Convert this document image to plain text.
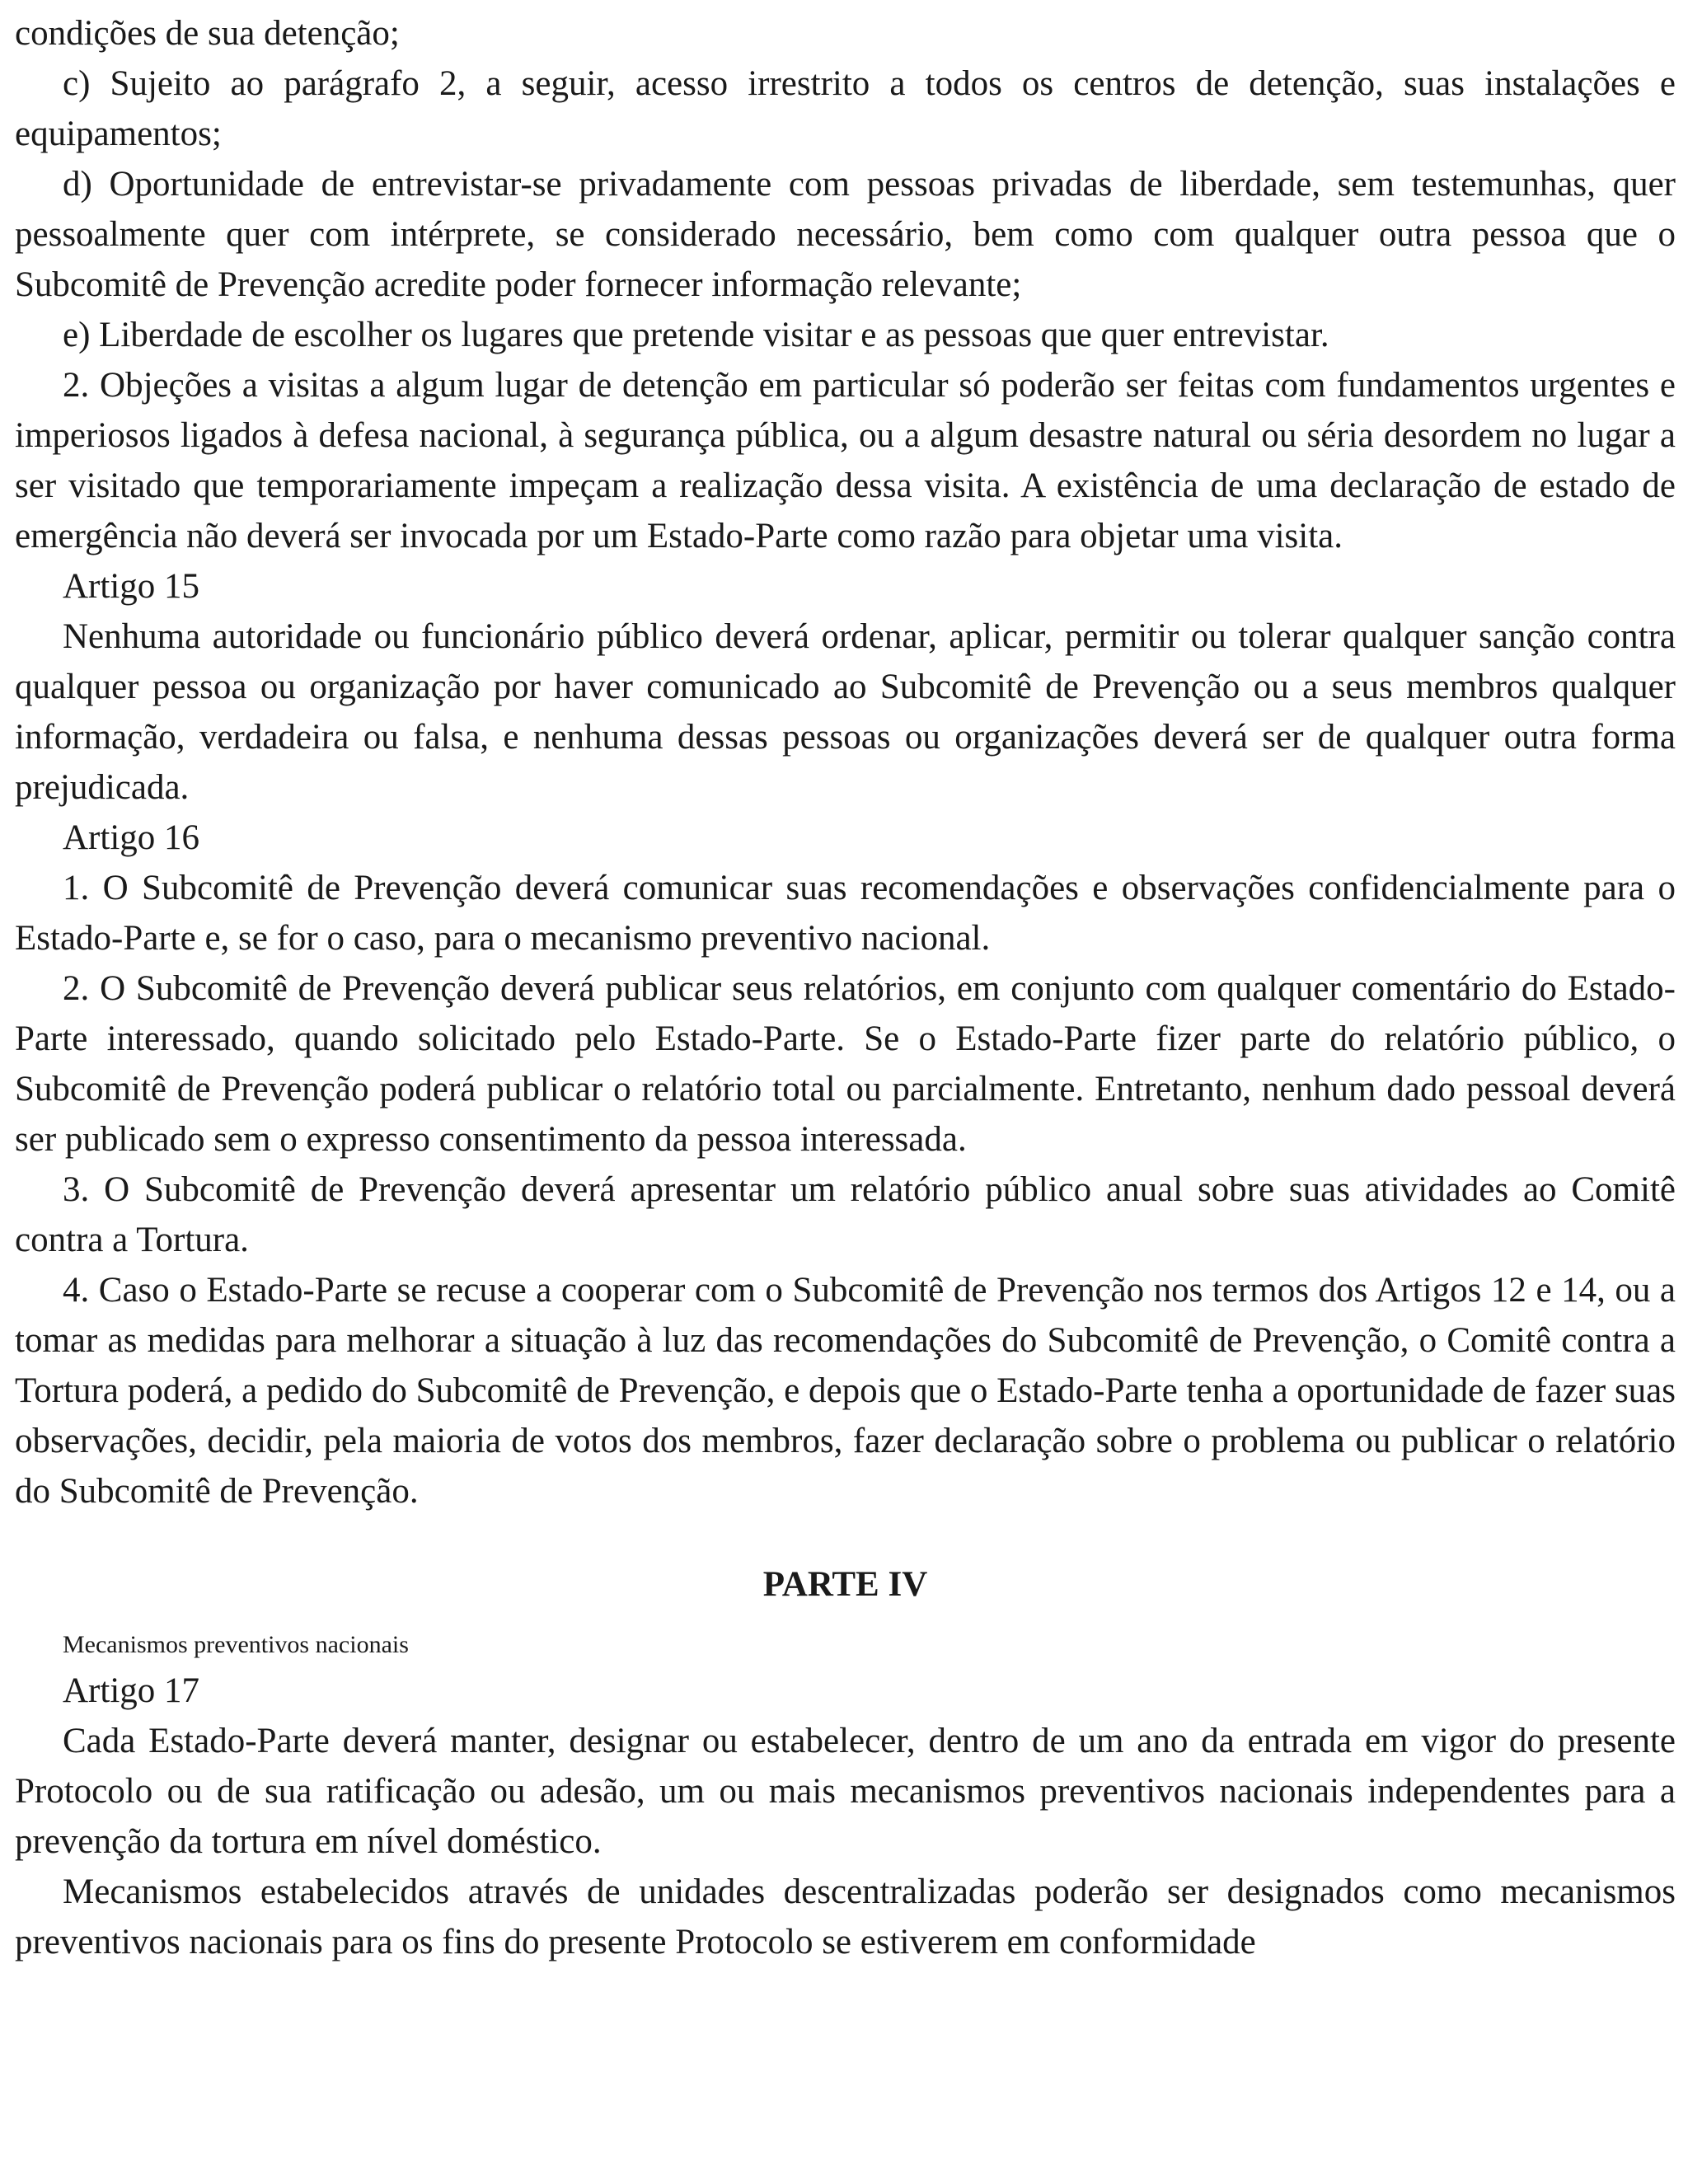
condições de sua detenção;

c) Sujeito ao parágrafo 2, a seguir, acesso irrestrito a todos os centros de detenção, suas instalações e equipamentos;

d) Oportunidade de entrevistar-se privadamente com pessoas privadas de liberdade, sem testemunhas, quer pessoalmente quer com intérprete, se considerado necessário, bem como com qualquer outra pessoa que o Subcomitê de Prevenção acredite poder fornecer informação relevante;

e) Liberdade de escolher os lugares que pretende visitar e as pessoas que quer entrevistar.

2. Objeções a visitas a algum lugar de detenção em particular só poderão ser feitas com fundamentos urgentes e imperiosos ligados à defesa nacional, à segurança pública, ou a algum desastre natural ou séria desordem no lugar a ser visitado que temporariamente impeçam a realização dessa visita. A existência de uma declaração de estado de emergência não deverá ser invocada por um Estado-Parte como razão para objetar uma visita.

Artigo 15

Nenhuma autoridade ou funcionário público deverá ordenar, aplicar, permitir ou tolerar qualquer sanção contra qualquer pessoa ou organização por haver comunicado ao Subcomitê de Prevenção ou a seus membros qualquer informação, verdadeira ou falsa, e nenhuma dessas pessoas ou organizações deverá ser de qualquer outra forma prejudicada.

Artigo 16

1. O Subcomitê de Prevenção deverá comunicar suas recomendações e observações confidencialmente para o Estado-Parte e, se for o caso, para o mecanismo preventivo nacional.

2. O Subcomitê de Prevenção deverá publicar seus relatórios, em conjunto com qualquer comentário do Estado-Parte interessado, quando solicitado pelo Estado-Parte. Se o Estado-Parte fizer parte do relatório público, o Subcomitê de Prevenção poderá publicar o relatório total ou parcialmente. Entretanto, nenhum dado pessoal deverá ser publicado sem o expresso consentimento da pessoa interessada.

3. O Subcomitê de Prevenção deverá apresentar um relatório público anual sobre suas atividades ao Comitê contra a Tortura.

4. Caso o Estado-Parte se recuse a cooperar com o Subcomitê de Prevenção nos termos dos Artigos 12 e 14, ou a tomar as medidas para melhorar a situação à luz das recomendações do Subcomitê de Prevenção, o Comitê contra a Tortura poderá, a pedido do Subcomitê de Prevenção, e depois que o Estado-Parte tenha a oportunidade de fazer suas observações, decidir, pela maioria de votos dos membros, fazer declaração sobre o problema ou publicar o relatório do Subcomitê de Prevenção.

PARTE IV

Mecanismos preventivos nacionais

Artigo 17

Cada Estado-Parte deverá manter, designar ou estabelecer, dentro de um ano da entrada em vigor do presente Protocolo ou de sua ratificação ou adesão, um ou mais mecanismos preventivos nacionais independentes para a prevenção da tortura em nível doméstico.

Mecanismos estabelecidos através de unidades descentralizadas poderão ser designados como mecanismos preventivos nacionais para os fins do presente Protocolo se estiverem em conformidade
